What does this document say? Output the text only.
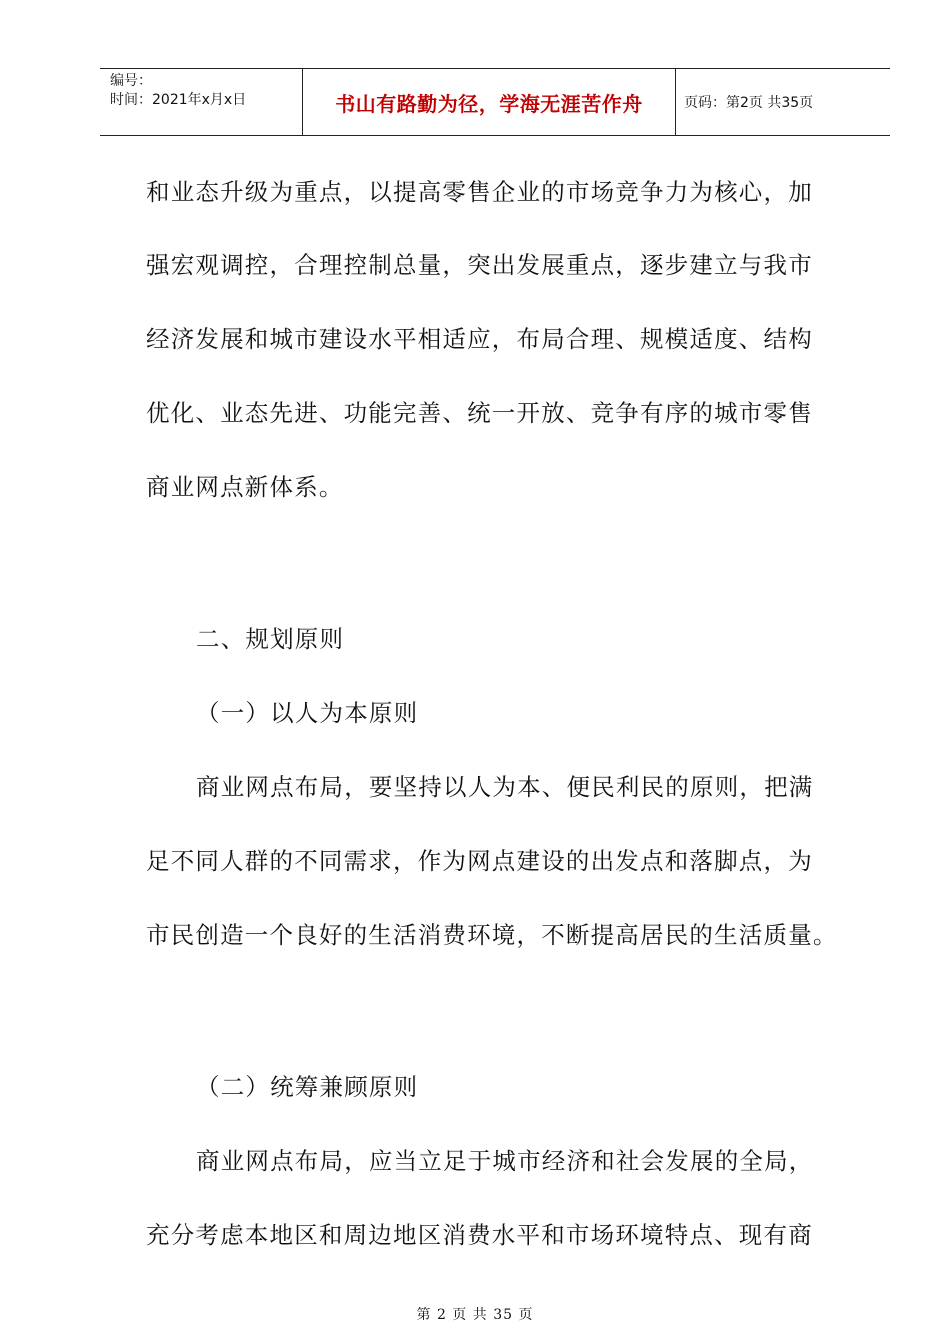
编号：
时间：2021年x月x日	书山有路勤为径，学海无涯苦作舟	页码：第2页 共35页
和业态升级为重点，以提高零售企业的市场竞争力为核心，加
强宏观调控，合理控制总量，突出发展重点，逐步建立与我市
经济发展和城市建设水平相适应，布局合理、规模适度、结构
优化、业态先进、功能完善、统一开放、竞争有序的城市零售
商业网点新体系。
二、规划原则
（一）以人为本原则
商业网点布局，要坚持以人为本、便民利民的原则，把满
足不同人群的不同需求，作为网点建设的出发点和落脚点，为
市民创造一个良好的生活消费环境，不断提高居民的生活质量。
（二）统筹兼顾原则
商业网点布局，应当立足于城市经济和社会发展的全局，
充分考虑本地区和周边地区消费水平和市场环境特点、现有商
第 2 页 共 35 页
